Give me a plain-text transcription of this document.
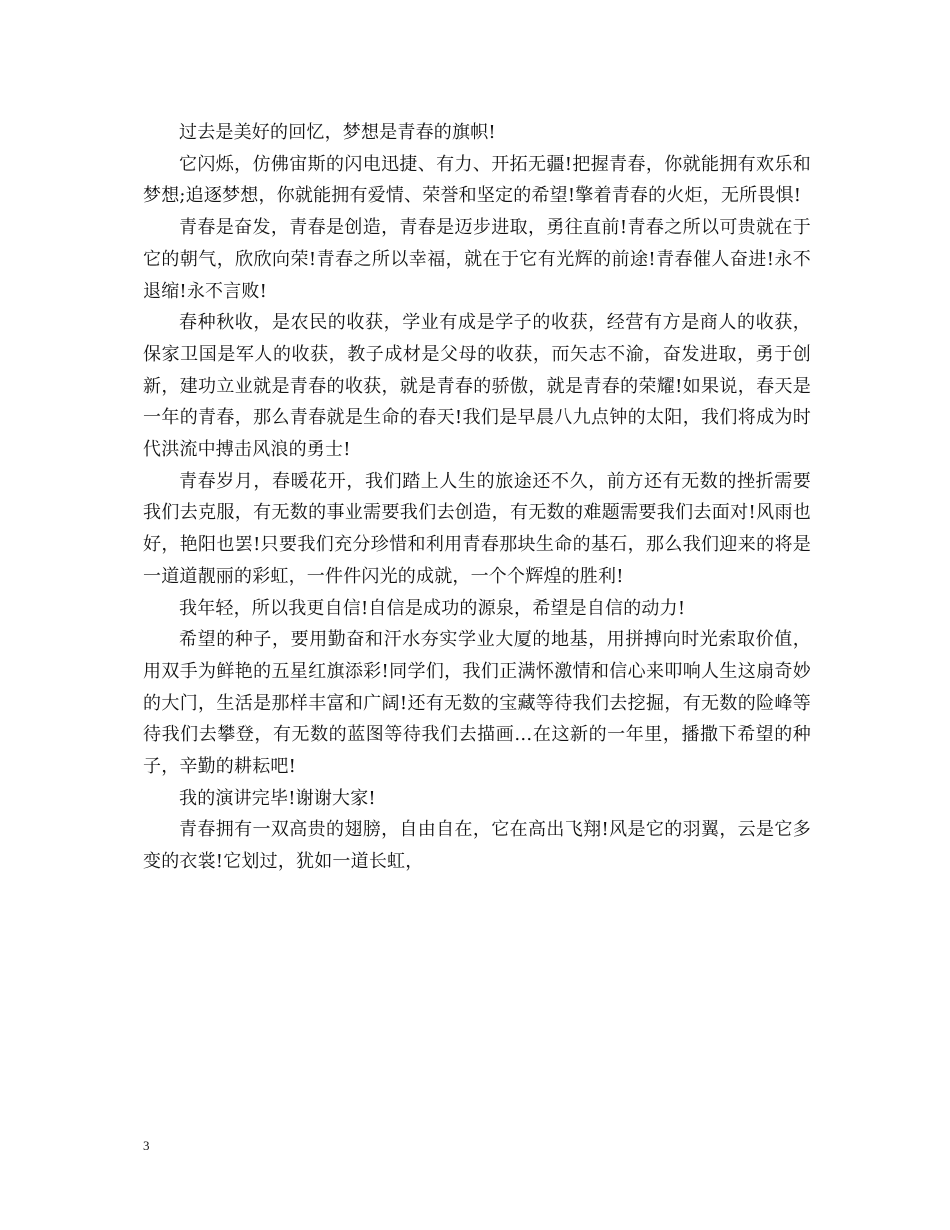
过去是美好的回忆，梦想是青春的旗帜!

它闪烁，仿佛宙斯的闪电迅捷、有力、开拓无疆!把握青春，你就能拥有欢乐和梦想;追逐梦想，你就能拥有爱情、荣誉和坚定的希望!擎着青春的火炬，无所畏惧!

青春是奋发，青春是创造，青春是迈步进取，勇往直前!青春之所以可贵就在于它的朝气，欣欣向荣!青春之所以幸福，就在于它有光辉的前途!青春催人奋进!永不退缩!永不言败!

春种秋收，是农民的收获，学业有成是学子的收获，经营有方是商人的收获，保家卫国是军人的收获，教子成材是父母的收获，而矢志不渝，奋发进取，勇于创新，建功立业就是青春的收获，就是青春的骄傲，就是青春的荣耀!如果说，春天是一年的青春，那么青春就是生命的春天!我们是早晨八九点钟的太阳，我们将成为时代洪流中搏击风浪的勇士!

青春岁月，春暖花开，我们踏上人生的旅途还不久，前方还有无数的挫折需要我们去克服，有无数的事业需要我们去创造，有无数的难题需要我们去面对!风雨也好，艳阳也罢!只要我们充分珍惜和利用青春那块生命的基石，那么我们迎来的将是一道道靓丽的彩虹，一件件闪光的成就，一个个辉煌的胜利!

我年轻，所以我更自信!自信是成功的源泉，希望是自信的动力!

希望的种子，要用勤奋和汗水夯实学业大厦的地基，用拼搏向时光索取价值，用双手为鲜艳的五星红旗添彩!同学们，我们正满怀激情和信心来叩响人生这扇奇妙的大门，生活是那样丰富和广阔!还有无数的宝藏等待我们去挖掘，有无数的险峰等待我们去攀登，有无数的蓝图等待我们去描画…在这新的一年里，播撒下希望的种子，辛勤的耕耘吧!

我的演讲完毕!谢谢大家!

青春拥有一双高贵的翅膀，自由自在，它在高出飞翔!风是它的羽翼，云是它多变的衣裳!它划过，犹如一道长虹，

3
